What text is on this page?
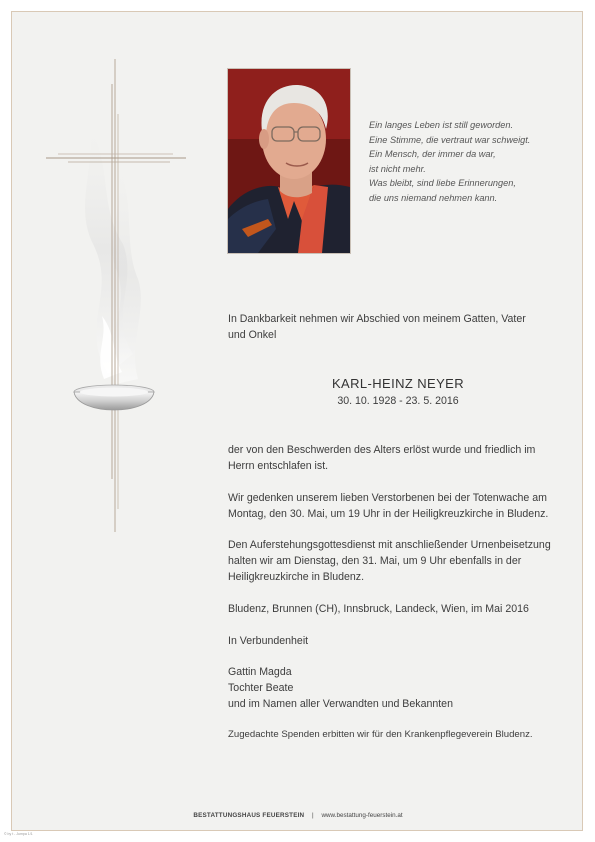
Ein langes Leben ist still geworden.
Eine Stimme, die vertraut war schweigt.
Ein Mensch, der immer da war,
ist nicht mehr.
Was bleibt, sind liebe Erinnerungen,
die uns niemand nehmen kann.
In Dankbarkeit nehmen wir Abschied von meinem Gatten, Vater
und Onkel
KARL-HEINZ NEYER
30. 10. 1928 - 23. 5. 2016
der von den Beschwerden des Alters erlöst wurde und friedlich im
Herrn entschlafen ist.
Wir gedenken unserem lieben Verstorbenen bei der Totenwache am
Montag, den 30. Mai, um 19 Uhr in der Heiligkreuzkirche in Bludenz.
Den Auferstehungsgottesdienst mit anschließender Urnenbeisetzung
halten wir am Dienstag, den 31. Mai, um 9 Uhr ebenfalls in der
Heiligkreuzkirche in Bludenz.
Bludenz, Brunnen (CH), Innsbruck, Landeck, Wien, im Mai 2016
In Verbundenheit
Gattin Magda
Tochter Beate
und im Namen aller Verwandten und Bekannten
Zugedachte Spenden erbitten wir für den Krankenpflegeverein Bludenz.
BESTATTUNGSHAUS FEUERSTEIN | www.bestattung-feuerstein.at
© by t - Jumpa 1/1
